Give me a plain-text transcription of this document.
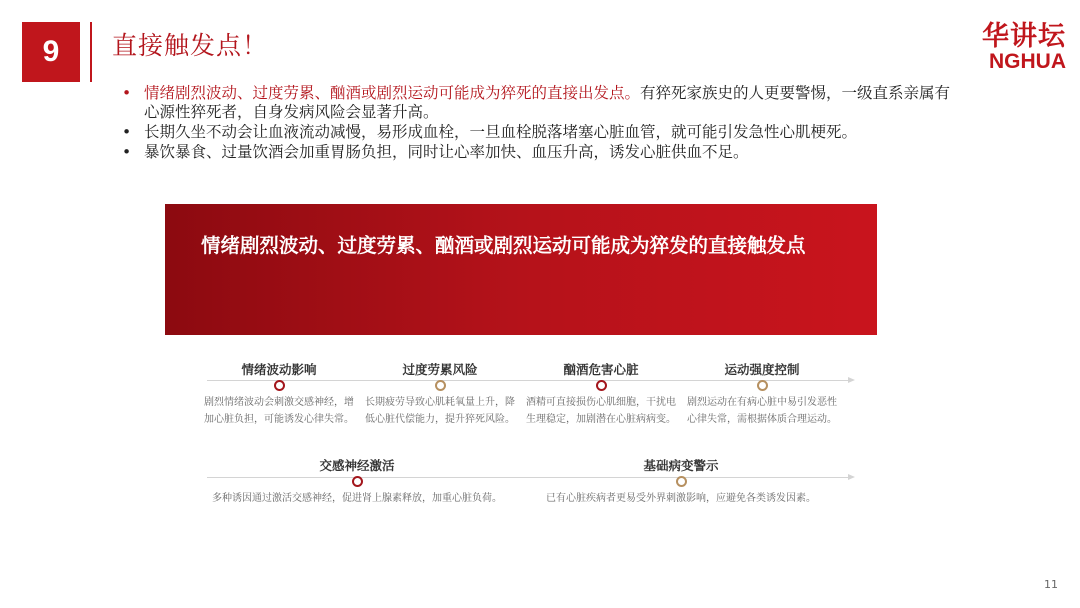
9	直接触发点！	华讲坛
NGHUA
• 情绪剧烈波动、过度劳累、酗酒或剧烈运动可能成为猝死的直接出发点。有猝死家族史的人更要警惕，一级直系亲属有心源性猝死者，自身发病风险会显著升高。
• 长期久坐不动会让血液流动减慢，易形成血栓，一旦血栓脱落堵塞心脏血管，就可能引发急性心肌梗死。
• 暴饮暴食、过量饮酒会加重胃肠负担，同时让心率加快、血压升高，诱发心脏供血不足。
情绪剧烈波动、过度劳累、酗酒或剧烈运动可能成为猝发的直接触发点
情绪波动影响
剧烈情绪波动会刺激交感神经，增加心脏负担，可能诱发心律失常。
过度劳累风险
长期疲劳导致心肌耗氧量上升，降低心脏代偿能力，提升猝死风险。
酗酒危害心脏
酒精可直接损伤心肌细胞，干扰电生理稳定，加剧潜在心脏病病变。
运动强度控制
剧烈运动在有病心脏中易引发恶性心律失常，需根据体质合理运动。
交感神经激活
多种诱因通过激活交感神经，促进肾上腺素释放，加重心脏负荷。
基础病变警示
已有心脏疾病者更易受外界刺激影响，应避免各类诱发因素。
11
